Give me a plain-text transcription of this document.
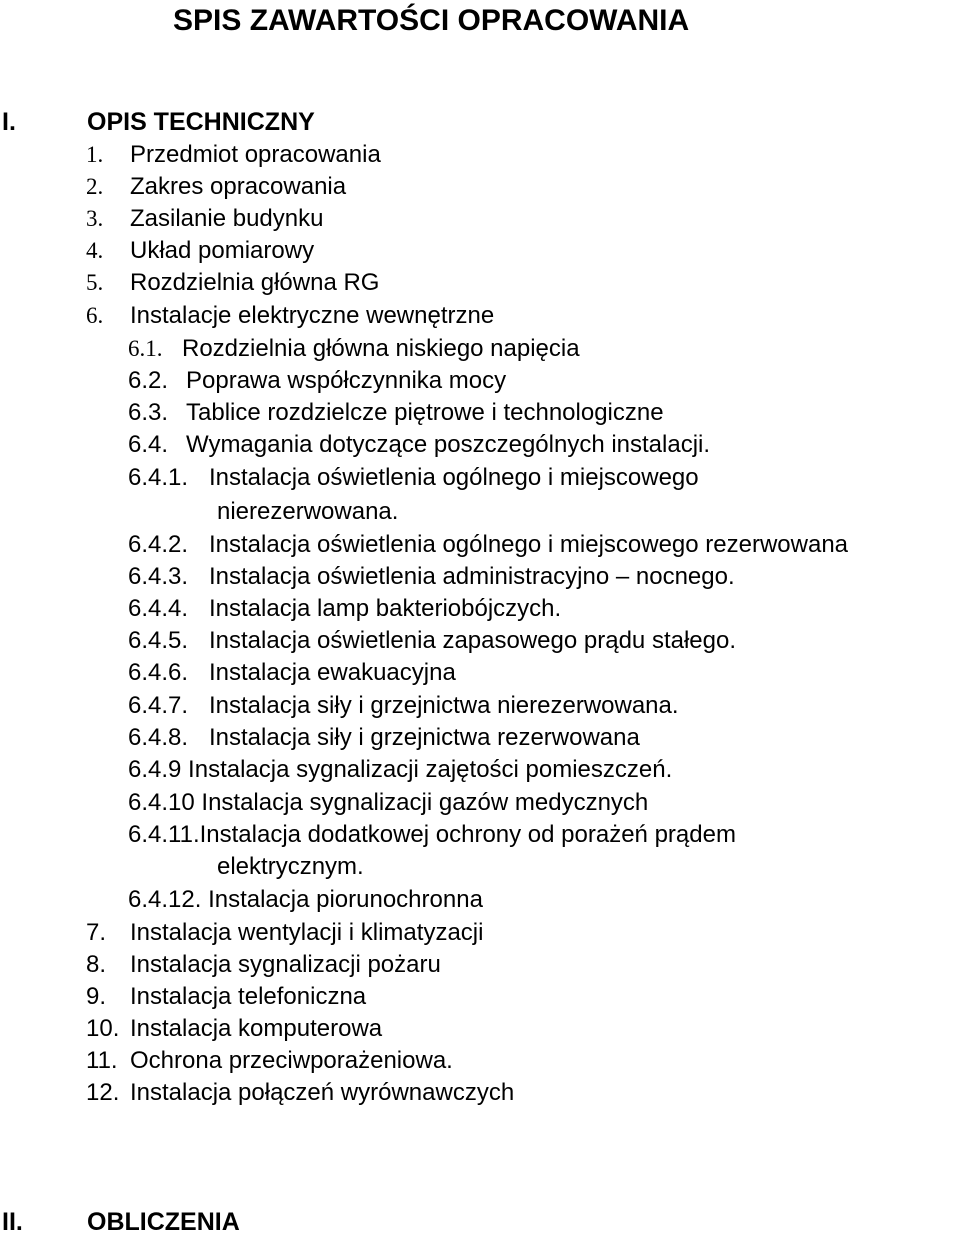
SPIS ZAWARTOŚCI OPRACOWANIA
I.	OPIS TECHNICZNY
1. Przedmiot opracowania
2. Zakres opracowania
3. Zasilanie budynku
4. Układ pomiarowy
5. Rozdzielnia główna RG
6. Instalacje elektryczne wewnętrzne
6.1. Rozdzielnia główna niskiego napięcia
6.2. Poprawa współczynnika mocy
6.3. Tablice rozdzielcze piętrowe i technologiczne
6.4. Wymagania dotyczące poszczególnych instalacji.
6.4.1. Instalacja oświetlenia ogólnego i miejscowego
nierezerwowana.
6.4.2. Instalacja oświetlenia ogólnego i miejscowego rezerwowana
6.4.3. Instalacja oświetlenia administracyjno – nocnego.
6.4.4. Instalacja lamp bakteriobójczych.
6.4.5. Instalacja oświetlenia zapasowego prądu stałego.
6.4.6. Instalacja ewakuacyjna
6.4.7. Instalacja siły i grzejnictwa nierezerwowana.
6.4.8. Instalacja siły i grzejnictwa rezerwowana
6.4.9 Instalacja sygnalizacji zajętości pomieszczeń.
6.4.10 Instalacja sygnalizacji gazów medycznych
6.4.11.Instalacja dodatkowej ochrony od porażeń prądem
elektrycznym.
6.4.12. Instalacja piorunochronna
7. Instalacja wentylacji i klimatyzacji
8. Instalacja sygnalizacji pożaru
9. Instalacja telefoniczna
10. Instalacja komputerowa
11. Ochrona przeciwporażeniowa.
12. Instalacja połączeń wyrównawczych
II.	OBLICZENIA
